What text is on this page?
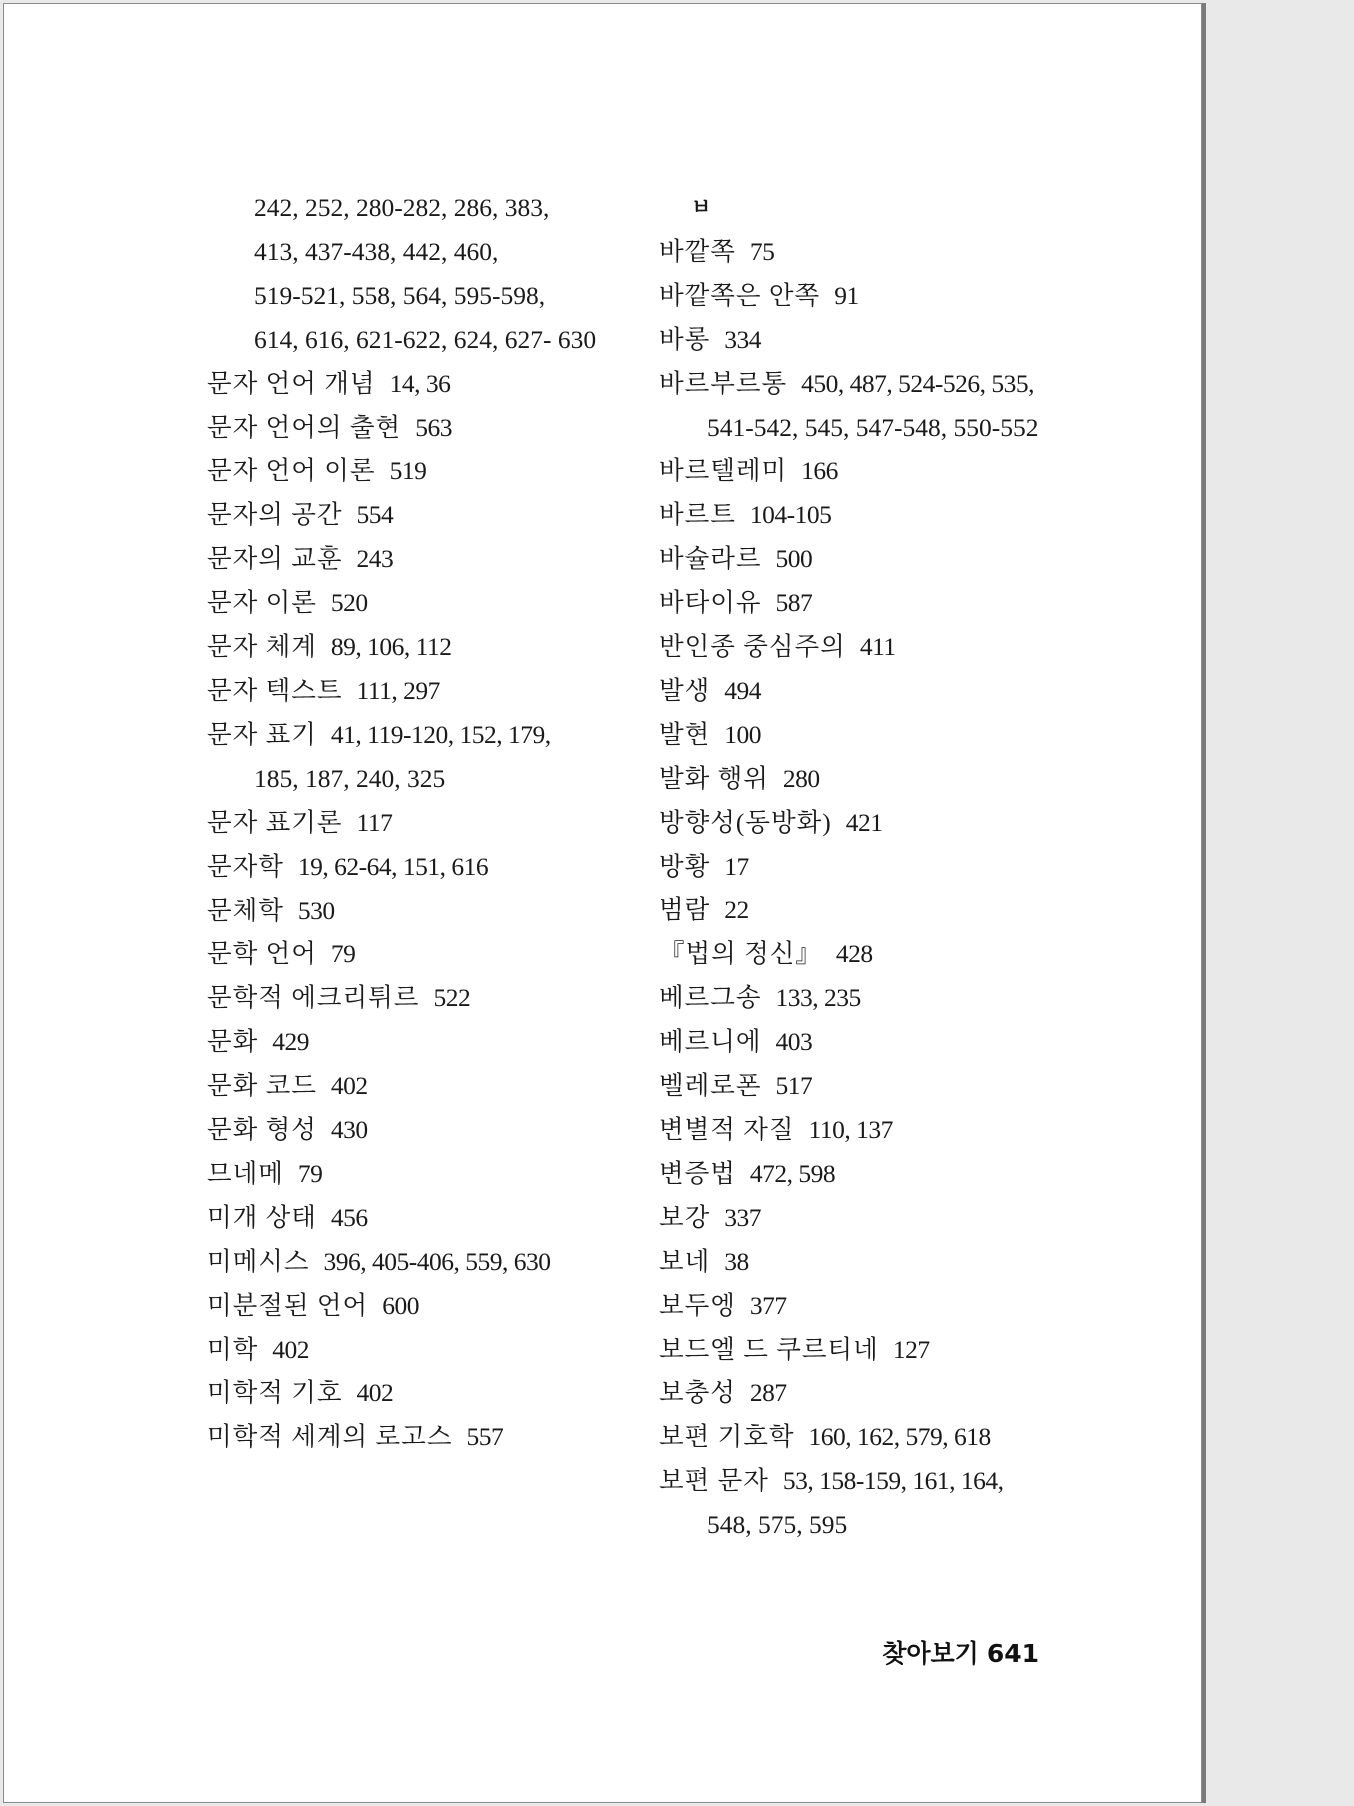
242, 252, 280-282, 286, 383,
413, 437-438, 442, 460,
519-521, 558, 564, 595-598,
614, 616, 621-622, 624, 627- 630
문자 언어 개념 14, 36
문자 언어의 출현 563
문자 언어 이론 519
문자의 공간 554
문자의 교훈 243
문자 이론 520
문자 체계 89, 106, 112
문자 텍스트 111, 297
문자 표기 41, 119-120, 152, 179,
185, 187, 240, 325
문자 표기론 117
문자학 19, 62-64, 151, 616
문체학 530
문학 언어 79
문학적 에크리튀르 522
문화 429
문화 코드 402
문화 형성 430
므네메 79
미개 상태 456
미메시스 396, 405-406, 559, 630
미분절된 언어 600
미학 402
미학적 기호 402
미학적 세계의 로고스 557
ㅂ
바깥쪽 75
바깥쪽은 안쪽 91
바롱 334
바르부르통 450, 487, 524-526, 535,
541-542, 545, 547-548, 550-552
바르텔레미 166
바르트 104-105
바슐라르 500
바타이유 587
반인종 중심주의 411
발생 494
발현 100
발화 행위 280
방향성(동방화) 421
방황 17
범람 22
『법의 정신』 428
베르그송 133, 235
베르니에 403
벨레로폰 517
변별적 자질 110, 137
변증법 472, 598
보강 337
보네 38
보두엥 377
보드엘 드 쿠르티네 127
보충성 287
보편 기호학 160, 162, 579, 618
보편 문자 53, 158-159, 161, 164,
548, 575, 595
찾아보기 641
